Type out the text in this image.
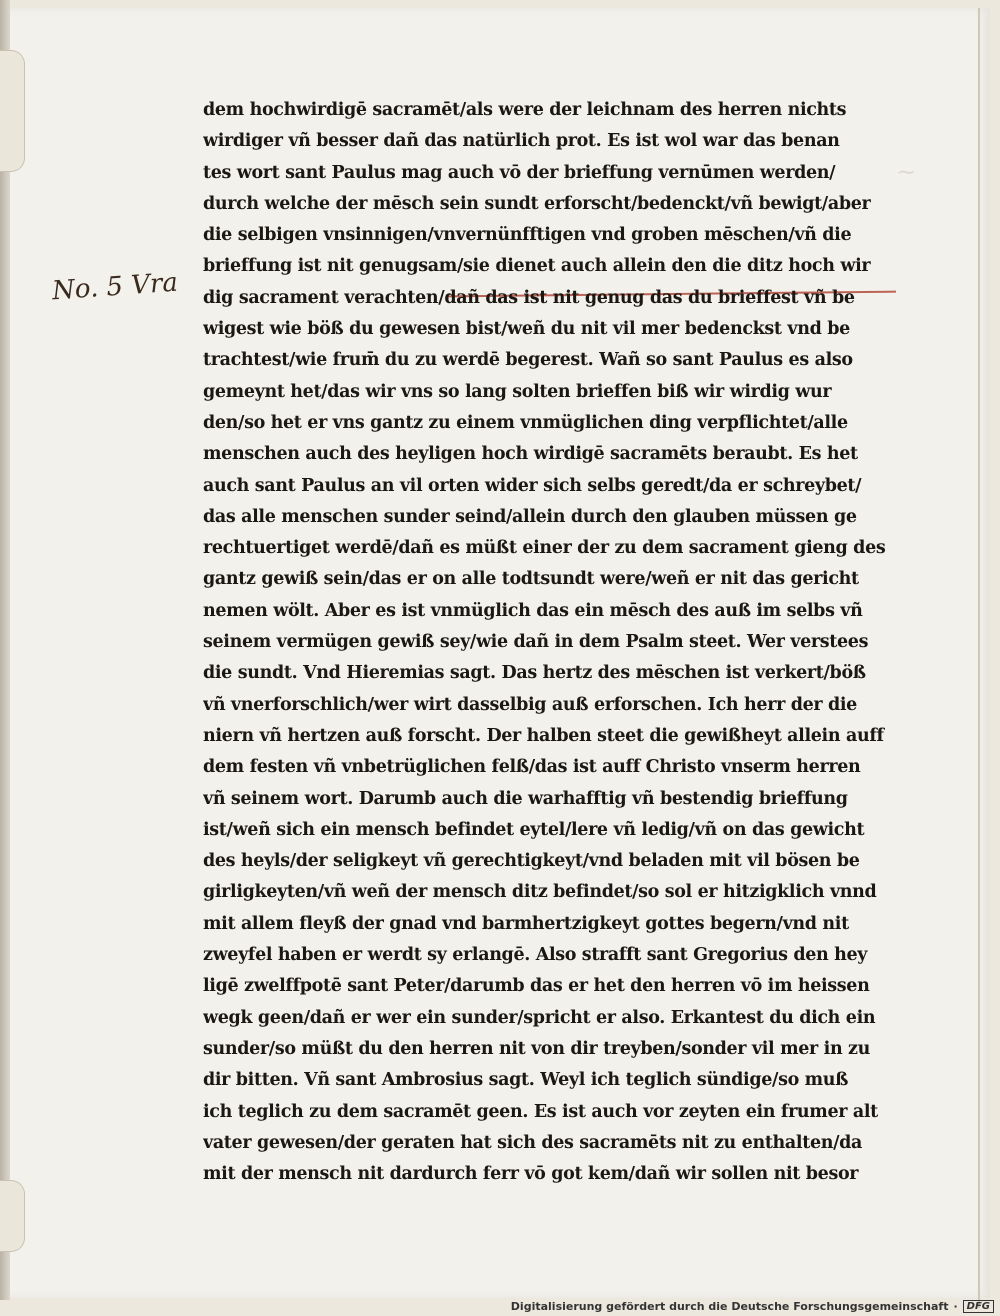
~
No. 5 Vra
dem hochwirdigē sacramēt/als were der leichnam des herren nichts
wirdiger vñ besser dañ das natürlich prot. Es ist wol war das benan
tes wort sant Paulus mag auch vō der brieffung vernūmen werden/
durch welche der mēsch sein sundt erforscht/bedenckt/vñ bewigt/aber
die selbigen vnsinnigen/vnvernünfftigen vnd groben mēschen/vñ die
brieffung ist nit genugsam/sie dienet auch allein den die ditz hoch wir
dig sacrament verachten/dañ das ist nit genug das du brieffest vñ be
wigest wie böß du gewesen bist/weñ du nit vil mer bedenckst vnd be
trachtest/wie frum̄ du zu werdē begerest. Wañ so sant Paulus es also
gemeynt het/das wir vns so lang solten brieffen biß wir wirdig wur
den/so het er vns gantz zu einem vnmüglichen ding verpflichtet/alle
menschen auch des heyligen hoch wirdigē sacramēts beraubt. Es het
auch sant Paulus an vil orten wider sich selbs geredt/da er schreybet/
das alle menschen sunder seind/allein durch den glauben müssen ge
rechtuertiget werdē/dañ es müßt einer der zu dem sacrament gieng des
gantz gewiß sein/das er on alle todtsundt were/weñ er nit das gericht
nemen wölt. Aber es ist vnmüglich das ein mēsch des auß im selbs vñ
seinem vermügen gewiß sey/wie dañ in dem Psalm steet. Wer verstees
die sundt. Vnd Hieremias sagt. Das hertz des mēschen ist verkert/böß
vñ vnerforschlich/wer wirt dasselbig auß erforschen. Ich herr der die
niern vñ hertzen auß forscht. Der halben steet die gewißheyt allein auff
dem festen vñ vnbetrüglichen felß/das ist auff Christo vnserm herren
vñ seinem wort. Darumb auch die warhafftig vñ bestendig brieffung
ist/weñ sich ein mensch befindet eytel/lere vñ ledig/vñ on das gewicht
des heyls/der seligkeyt vñ gerechtigkeyt/vnd beladen mit vil bösen be
girligkeyten/vñ weñ der mensch ditz befindet/so sol er hitzigklich vnnd
mit allem fleyß der gnad vnd barmhertzigkeyt gottes begern/vnd nit
zweyfel haben er werdt sy erlangē. Also strafft sant Gregorius den hey
ligē zwelffpotē sant Peter/darumb das er het den herren vō im heissen
wegk geen/dañ er wer ein sunder/spricht er also. Erkantest du dich ein
sunder/so müßt du den herren nit von dir treyben/sonder vil mer in zu
dir bitten. Vñ sant Ambrosius sagt. Weyl ich teglich sündige/so muß
ich teglich zu dem sacramēt geen. Es ist auch vor zeyten ein frumer alt
vater gewesen/der geraten hat sich des sacramēts nit zu enthalten/da
mit der mensch nit dardurch ferr vō got kem/dañ wir sollen nit besor
Digitalisierung gefördert durch die Deutsche Forschungsgemeinschaft · DFG
